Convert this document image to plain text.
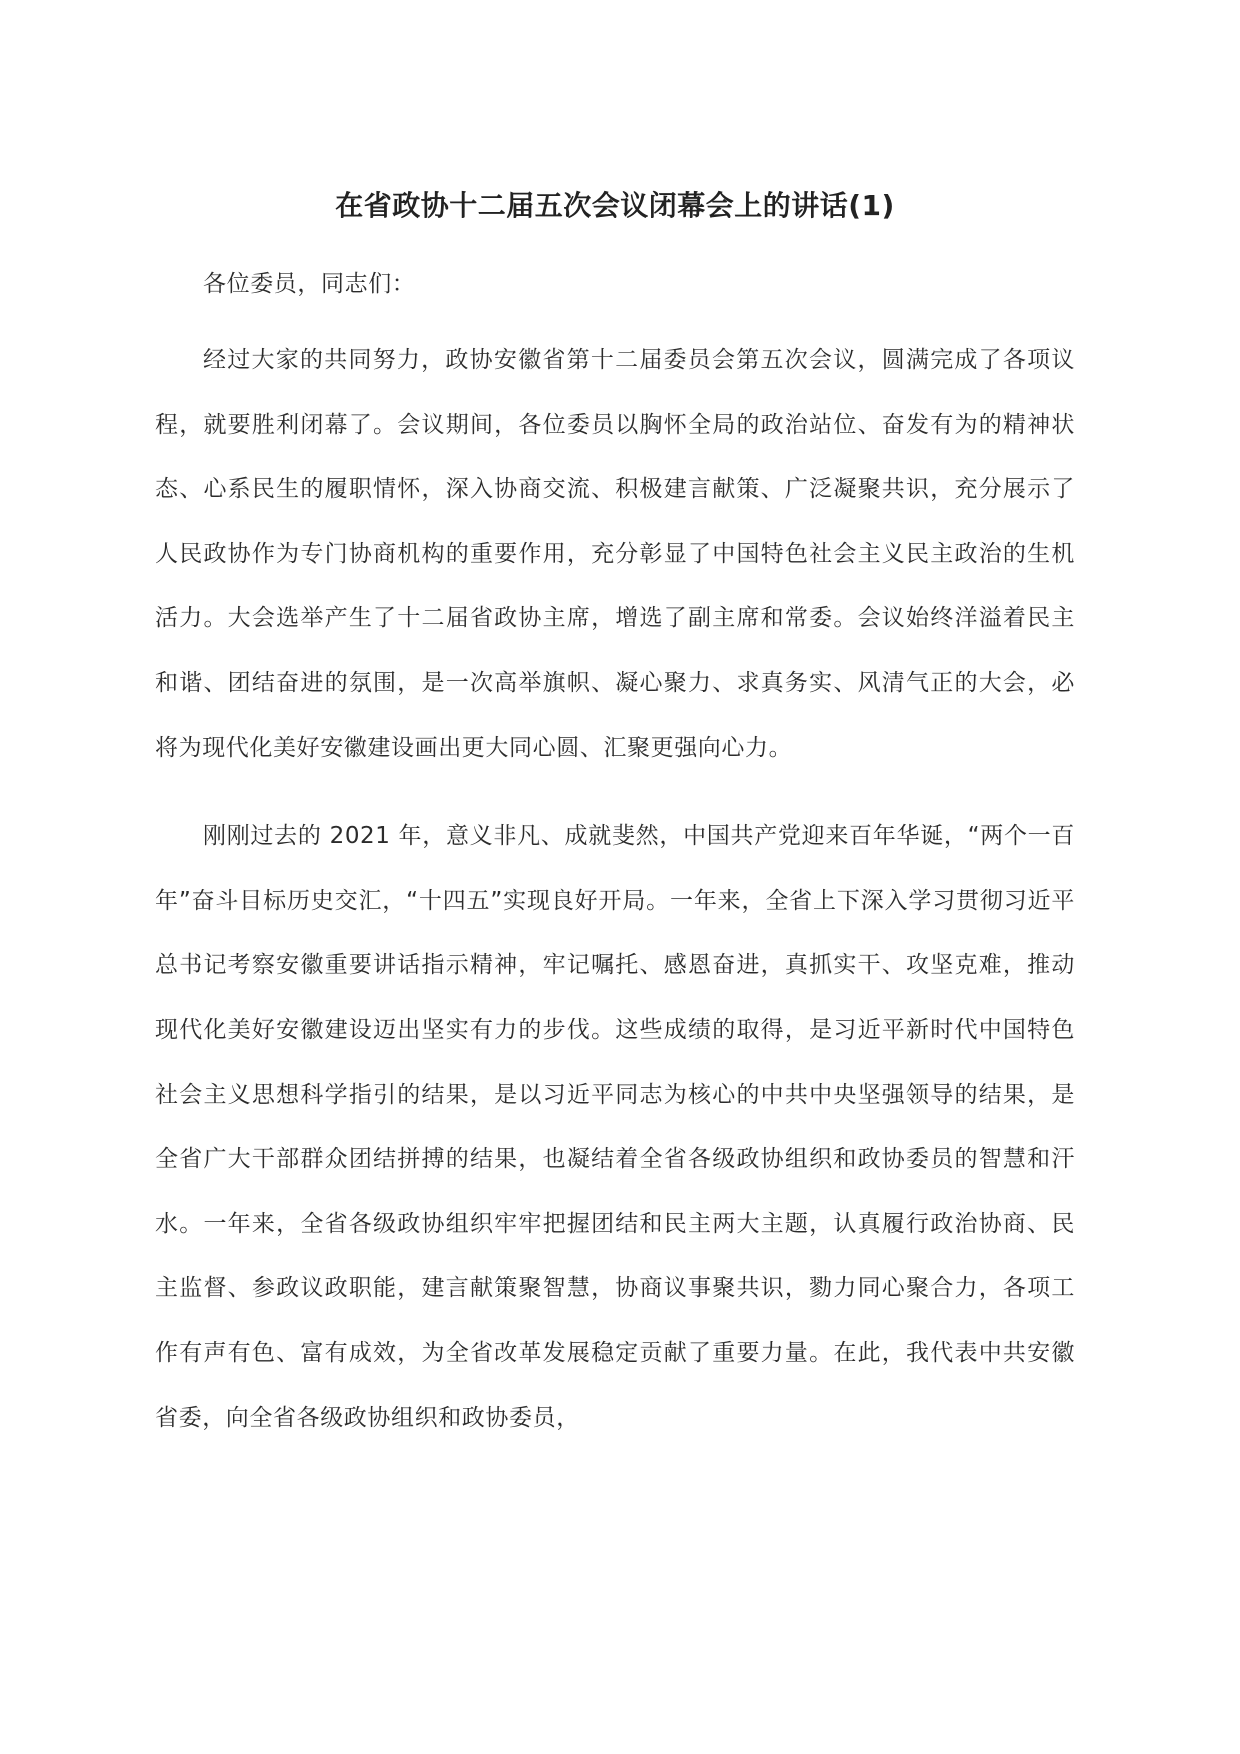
在省政协十二届五次会议闭幕会上的讲话(1)

各位委员，同志们：

经过大家的共同努力，政协安徽省第十二届委员会第五次会议，圆满完成了各项议程，就要胜利闭幕了。会议期间，各位委员以胸怀全局的政治站位、奋发有为的精神状态、心系民生的履职情怀，深入协商交流、积极建言献策、广泛凝聚共识，充分展示了人民政协作为专门协商机构的重要作用，充分彰显了中国特色社会主义民主政治的生机活力。大会选举产生了十二届省政协主席，增选了副主席和常委。会议始终洋溢着民主和谐、团结奋进的氛围，是一次高举旗帜、凝心聚力、求真务实、风清气正的大会，必将为现代化美好安徽建设画出更大同心圆、汇聚更强向心力。

刚刚过去的 2021 年，意义非凡、成就斐然，中国共产党迎来百年华诞，“两个一百年”奋斗目标历史交汇，“十四五”实现良好开局。一年来，全省上下深入学习贯彻习近平总书记考察安徽重要讲话指示精神，牢记嘱托、感恩奋进，真抓实干、攻坚克难，推动现代化美好安徽建设迈出坚实有力的步伐。这些成绩的取得，是习近平新时代中国特色社会主义思想科学指引的结果，是以习近平同志为核心的中共中央坚强领导的结果，是全省广大干部群众团结拼搏的结果，也凝结着全省各级政协组织和政协委员的智慧和汗水。一年来，全省各级政协组织牢牢把握团结和民主两大主题，认真履行政治协商、民主监督、参政议政职能，建言献策聚智慧，协商议事聚共识，勠力同心聚合力，各项工作有声有色、富有成效，为全省改革发展稳定贡献了重要力量。在此，我代表中共安徽省委，向全省各级政协组织和政协委员，
